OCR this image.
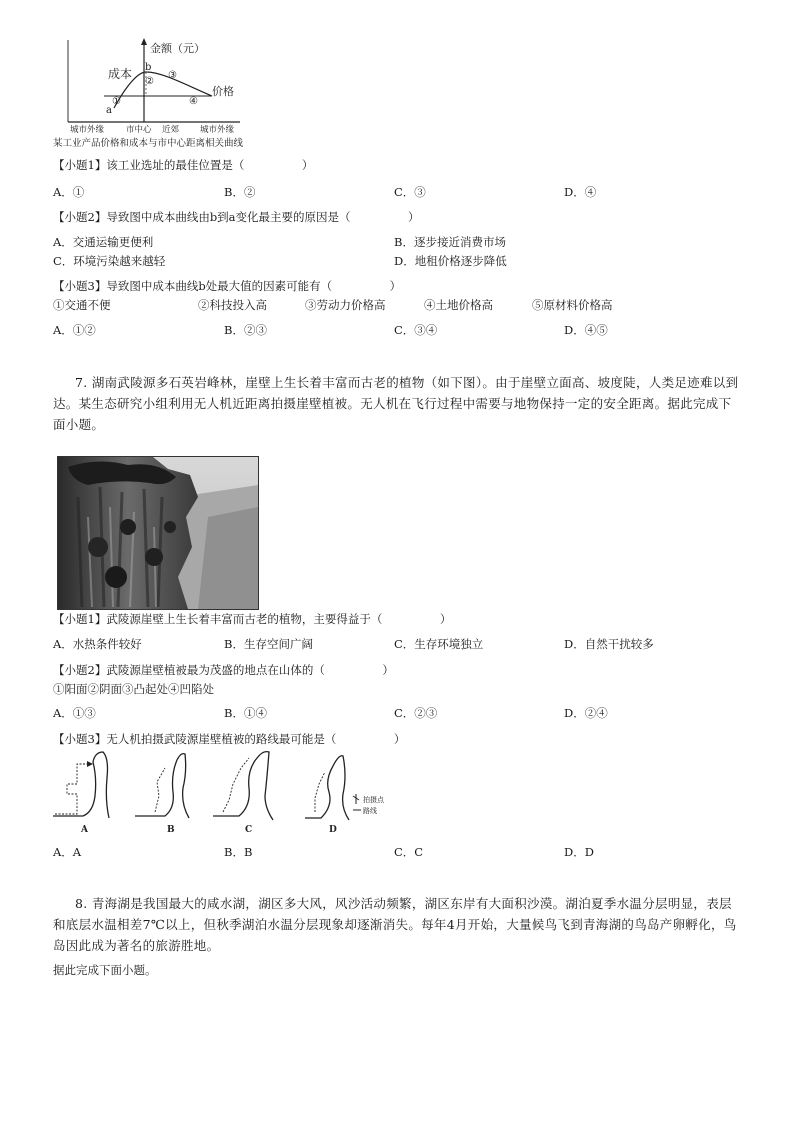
金额（元）
成本
价格
a
b
①
②
③
④
城市外缘	市中心 近郊 城市外缘
某工业产品价格和成本与市中心距离相关曲线
【小题1】该工业选址的最佳位置是（　　　　　）
A．①	B．②	C．③	D．④
【小题2】导致图中成本曲线由b到a变化最主要的原因是（　　　　　）
A．交通运输更便利	B．逐步接近消费市场
C．环境污染越来越轻	D．地租价格逐步降低
【小题3】导致图中成本曲线b处最大值的因素可能有（　　　　　）
①交通不便	②科技投入高	③劳动力价格高	④土地价格高	⑤原材料价格高
A．①②	B．②③	C．③④	D．④⑤
7. 湖南武陵源多石英岩峰林，崖壁上生长着丰富而古老的植物（如下图）。由于崖壁立面高、坡度陡，人类足迹难以到达。某生态研究小组利用无人机近距离拍摄崖壁植被。无人机在飞行过程中需要与地物保持一定的安全距离。据此完成下面小题。
【小题1】武陵源崖壁上生长着丰富而古老的植物，主要得益于（　　　　　）
A．水热条件较好	B．生存空间广阔	C．生存环境独立	D．自然干扰较多
【小题2】武陵源崖壁植被最为茂盛的地点在山体的（　　　　　）
①阳面②阴面③凸起处④凹陷处
A．①③	B．①④	C．②③	D．②④
【小题3】无人机拍摄武陵源崖壁植被的路线最可能是（　　　　　）
A	B	C	D
拍摄点
路线
A．A	B．B	C．C	D．D
8. 青海湖是我国最大的咸水湖，湖区多大风，风沙活动频繁，湖区东岸有大面积沙漠。湖泊夏季水温分层明显，表层和底层水温相差7℃以上，但秋季湖泊水温分层现象却逐渐消失。每年4月开始，大量候鸟飞到青海湖的鸟岛产卵孵化，鸟岛因此成为著名的旅游胜地。
据此完成下面小题。
